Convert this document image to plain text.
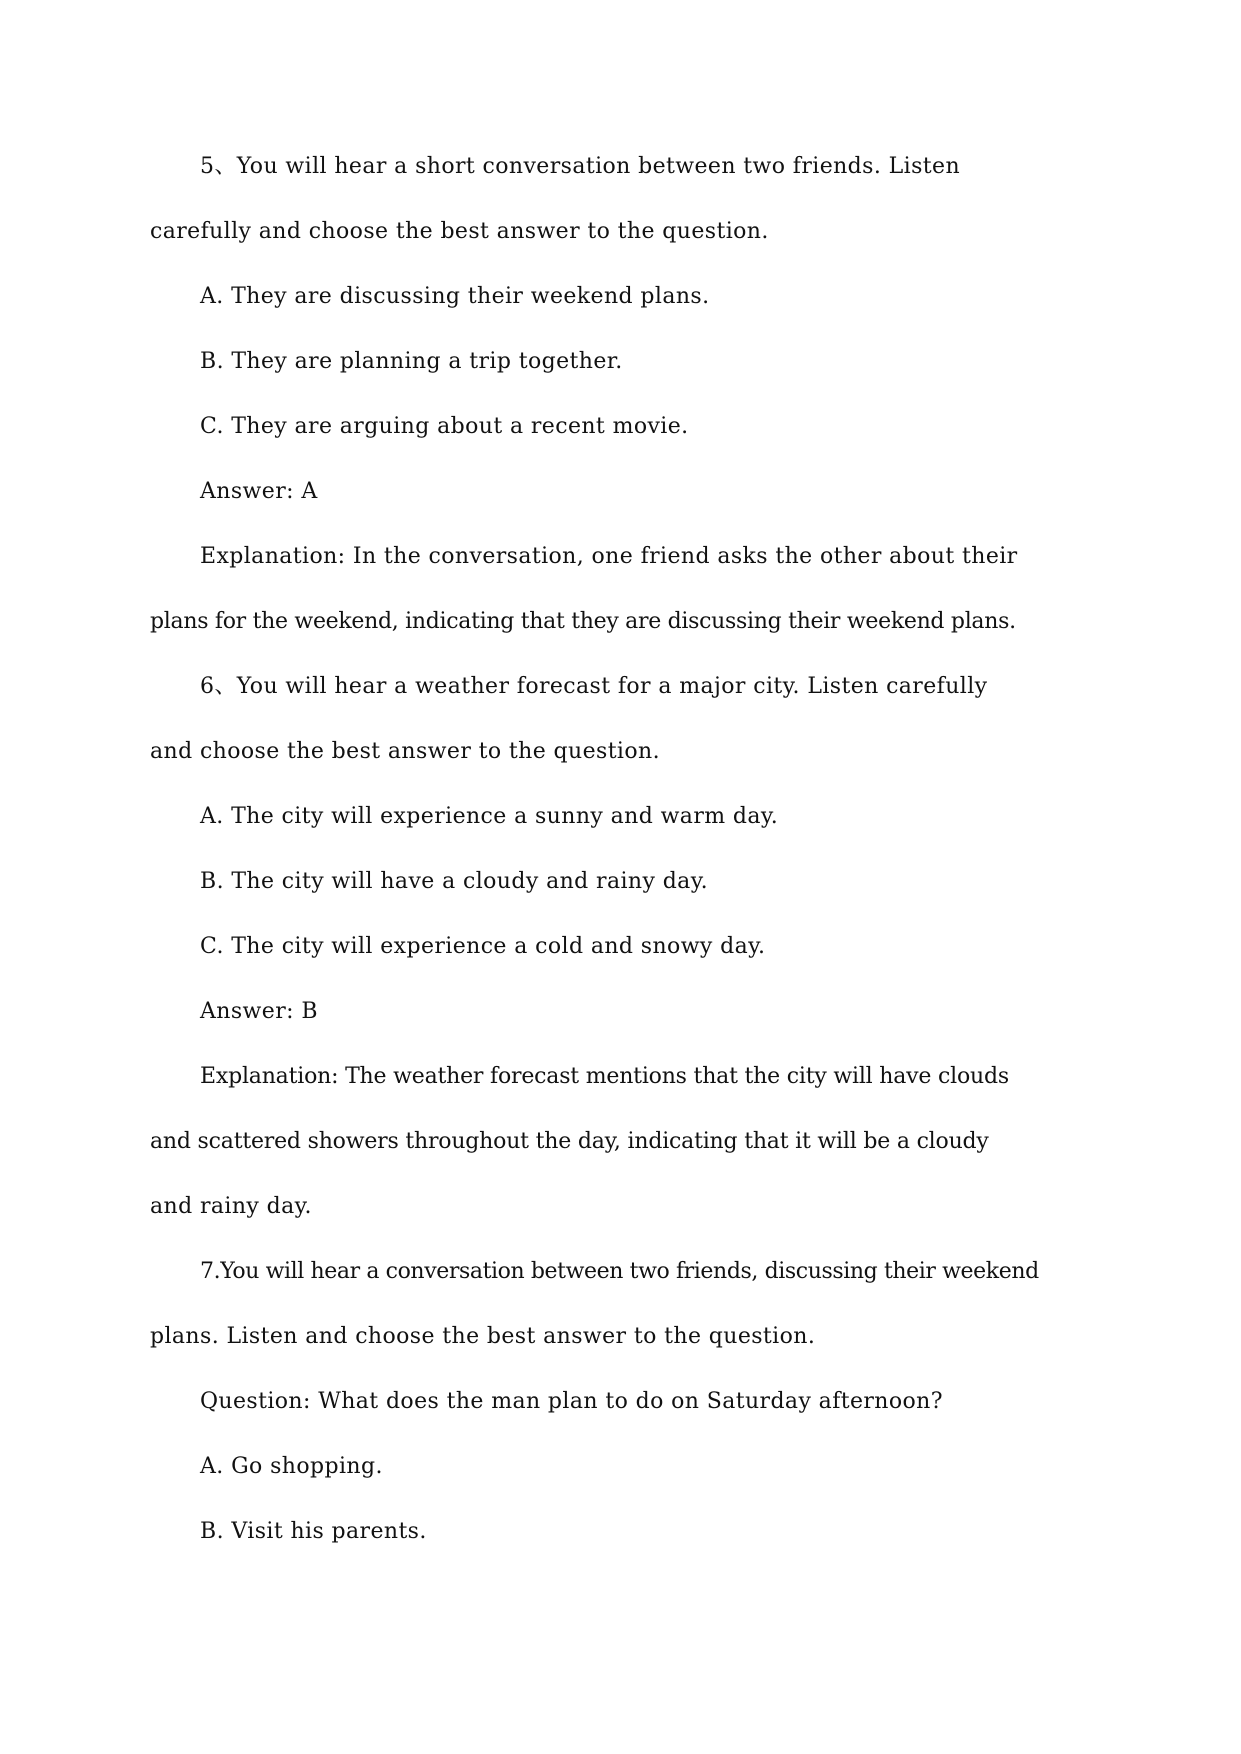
5、You will hear a short conversation between two friends. Listen
carefully and choose the best answer to the question.
A. They are discussing their weekend plans.
B. They are planning a trip together.
C. They are arguing about a recent movie.
Answer: A
Explanation: In the conversation, one friend asks the other about their
plans for the weekend, indicating that they are discussing their weekend plans.
6、You will hear a weather forecast for a major city. Listen carefully
and choose the best answer to the question.
A. The city will experience a sunny and warm day.
B. The city will have a cloudy and rainy day.
C. The city will experience a cold and snowy day.
Answer: B
Explanation: The weather forecast mentions that the city will have clouds
and scattered showers throughout the day, indicating that it will be a cloudy
and rainy day.
7.You will hear a conversation between two friends, discussing their weekend
plans. Listen and choose the best answer to the question.
Question: What does the man plan to do on Saturday afternoon?
A. Go shopping.
B. Visit his parents.
